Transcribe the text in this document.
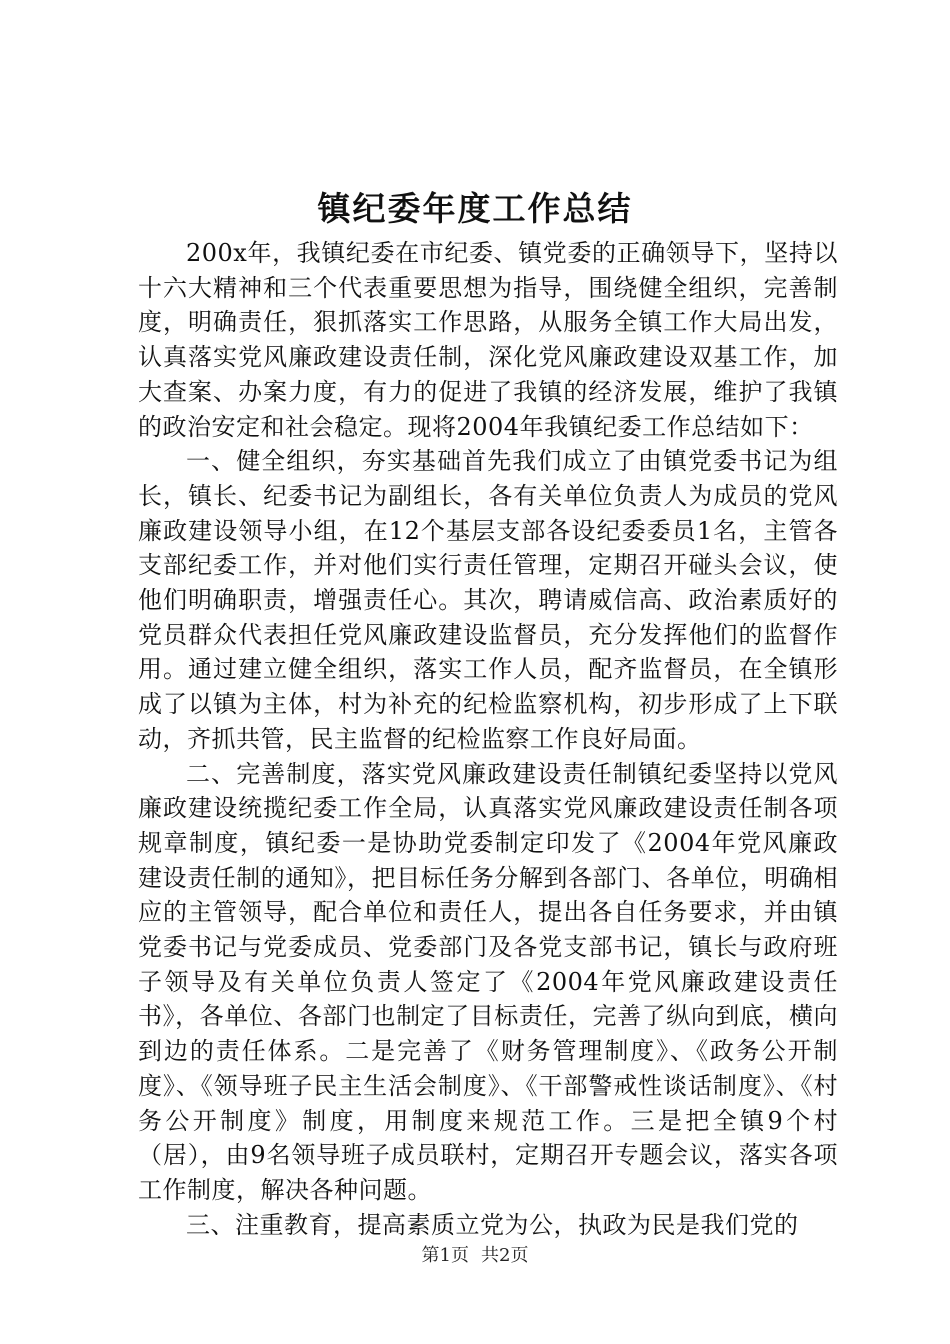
镇纪委年度工作总结

200x年，我镇纪委在市纪委、镇党委的正确领导下，坚持以十六大精神和三个代表重要思想为指导，围绕健全组织，完善制度，明确责任，狠抓落实工作思路，从服务全镇工作大局出发，认真落实党风廉政建设责任制，深化党风廉政建设双基工作，加大查案、办案力度，有力的促进了我镇的经济发展，维护了我镇的政治安定和社会稳定。现将2004年我镇纪委工作总结如下：

一、健全组织，夯实基础首先我们成立了由镇党委书记为组长，镇长、纪委书记为副组长，各有关单位负责人为成员的党风廉政建设领导小组，在12个基层支部各设纪委委员1名，主管各支部纪委工作，并对他们实行责任管理，定期召开碰头会议，使他们明确职责，增强责任心。其次，聘请威信高、政治素质好的党员群众代表担任党风廉政建设监督员，充分发挥他们的监督作用。通过建立健全组织，落实工作人员，配齐监督员，在全镇形成了以镇为主体，村为补充的纪检监察机构，初步形成了上下联动，齐抓共管，民主监督的纪检监察工作良好局面。

二、完善制度，落实党风廉政建设责任制镇纪委坚持以党风廉政建设统揽纪委工作全局，认真落实党风廉政建设责任制各项规章制度，镇纪委一是协助党委制定印发了《2004年党风廉政建设责任制的通知》，把目标任务分解到各部门、各单位，明确相应的主管领导，配合单位和责任人，提出各自任务要求，并由镇党委书记与党委成员、党委部门及各党支部书记，镇长与政府班子领导及有关单位负责人签定了《2004年党风廉政建设责任书》，各单位、各部门也制定了目标责任，完善了纵向到底，横向到边的责任体系。二是完善了《财务管理制度》、《政务公开制度》、《领导班子民主生活会制度》、《干部警戒性谈话制度》、《村务公开制度》制度，用制度来规范工作。三是把全镇9个村（居），由9名领导班子成员联村，定期召开专题会议，落实各项工作制度，解决各种问题。

三、注重教育，提高素质立党为公，执政为民是我们党的

第1页 共2页
